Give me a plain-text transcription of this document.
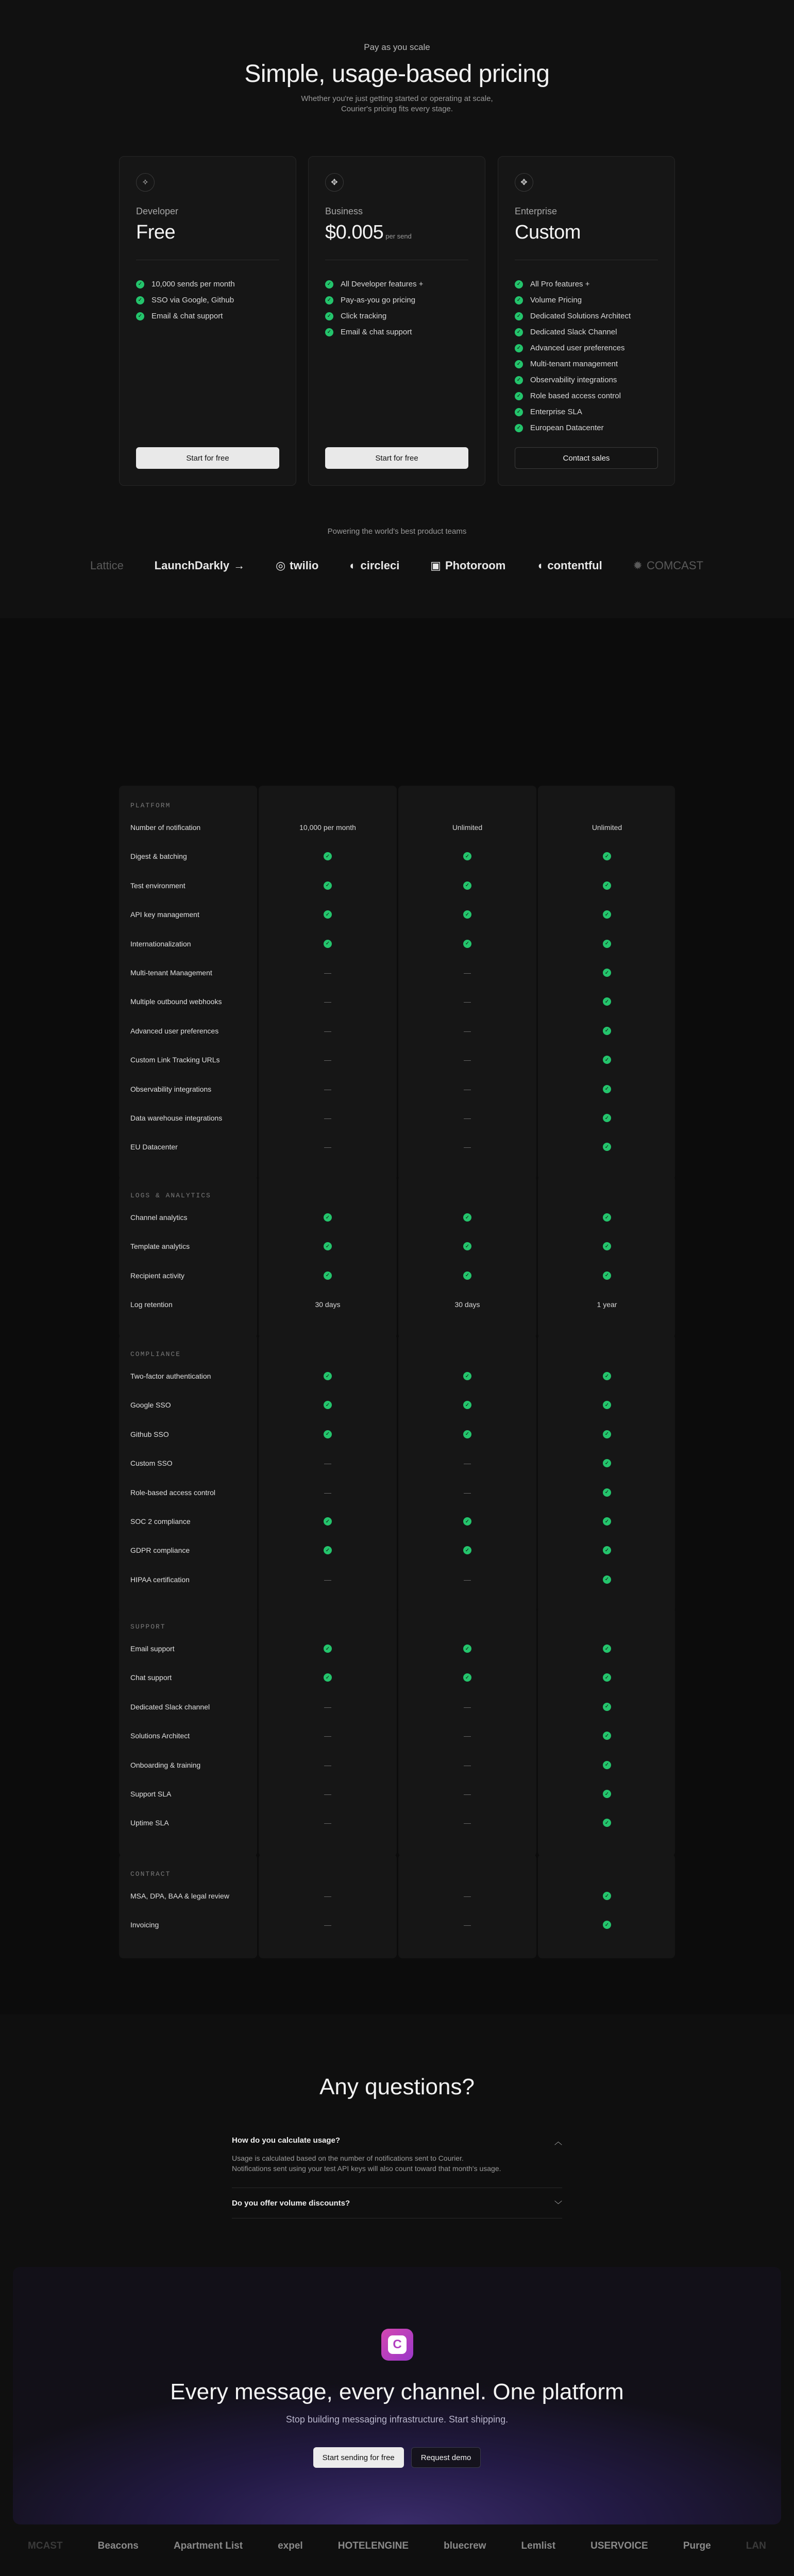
Pay as you scale
Simple, usage-based pricing
Whether you're just getting started or operating at scale,
Courier's pricing fits every stage.
✧
Developer
Free
✓ 10,000 sends per month
✓ SSO via Google, Github
✓ Email & chat support
Start for free
✥
Business
$0.005 per send
✓ All Developer features +
✓ Pay-as-you go pricing
✓ Click tracking
✓ Email & chat support
Start for free
✥
Enterprise
Custom
✓ All Pro features +
✓ Volume Pricing
✓ Dedicated Solutions Architect
✓ Dedicated Slack Channel
✓ Advanced user preferences
✓ Multi-tenant management
✓ Observability integrations
✓ Role based access control
✓ Enterprise SLA
✓ European Datacenter
Contact sales
Powering the world's best product teams
Lattice	LaunchDarkly →	◎ twilio	◐ circleci	▣ Photoroom	◖ contentful	✹ COMCAST
PLATFORM
Number of notification	10,000 per month	Unlimited	Unlimited
Digest & batching	✓	✓	✓
Test environment	✓	✓	✓
API key management	✓	✓	✓
Internationalization	✓	✓	✓
Multi-tenant Management	—	—	✓
Multiple outbound webhooks	—	—	✓
Advanced user preferences	—	—	✓
Custom Link Tracking URLs	—	—	✓
Observability integrations	—	—	✓
Data warehouse integrations	—	—	✓
EU Datacenter	—	—	✓
LOGS & ANALYTICS
Channel analytics	✓	✓	✓
Template analytics	✓	✓	✓
Recipient activity	✓	✓	✓
Log retention	30 days	30 days	1 year
COMPLIANCE
Two-factor authentication	✓	✓	✓
Google SSO	✓	✓	✓
Github SSO	✓	✓	✓
Custom SSO	—	—	✓
Role-based access control	—	—	✓
SOC 2 compliance	✓	✓	✓
GDPR compliance	✓	✓	✓
HIPAA certification	—	—	✓
SUPPORT
Email support	✓	✓	✓
Chat support	✓	✓	✓
Dedicated Slack channel	—	—	✓
Solutions Architect	—	—	✓
Onboarding & training	—	—	✓
Support SLA	—	—	✓
Uptime SLA	—	—	✓
CONTRACT
MSA, DPA, BAA & legal review	—	—	✓
Invoicing	—	—	✓
Any questions?
How do you calculate usage?	︿
Usage is calculated based on the number of notifications sent to Courier.
Notifications sent using your test API keys will also count toward that month's usage.
Do you offer volume discounts?	﹀
C
Every message, every channel. One platform
Stop building messaging infrastructure. Start shipping.
Start sending for free	Request demo
MCAST	Beacons	Apartment List	expel	HOTELENGINE	bluecrew	Lemlist	USERVOICE	Purge	LAN
